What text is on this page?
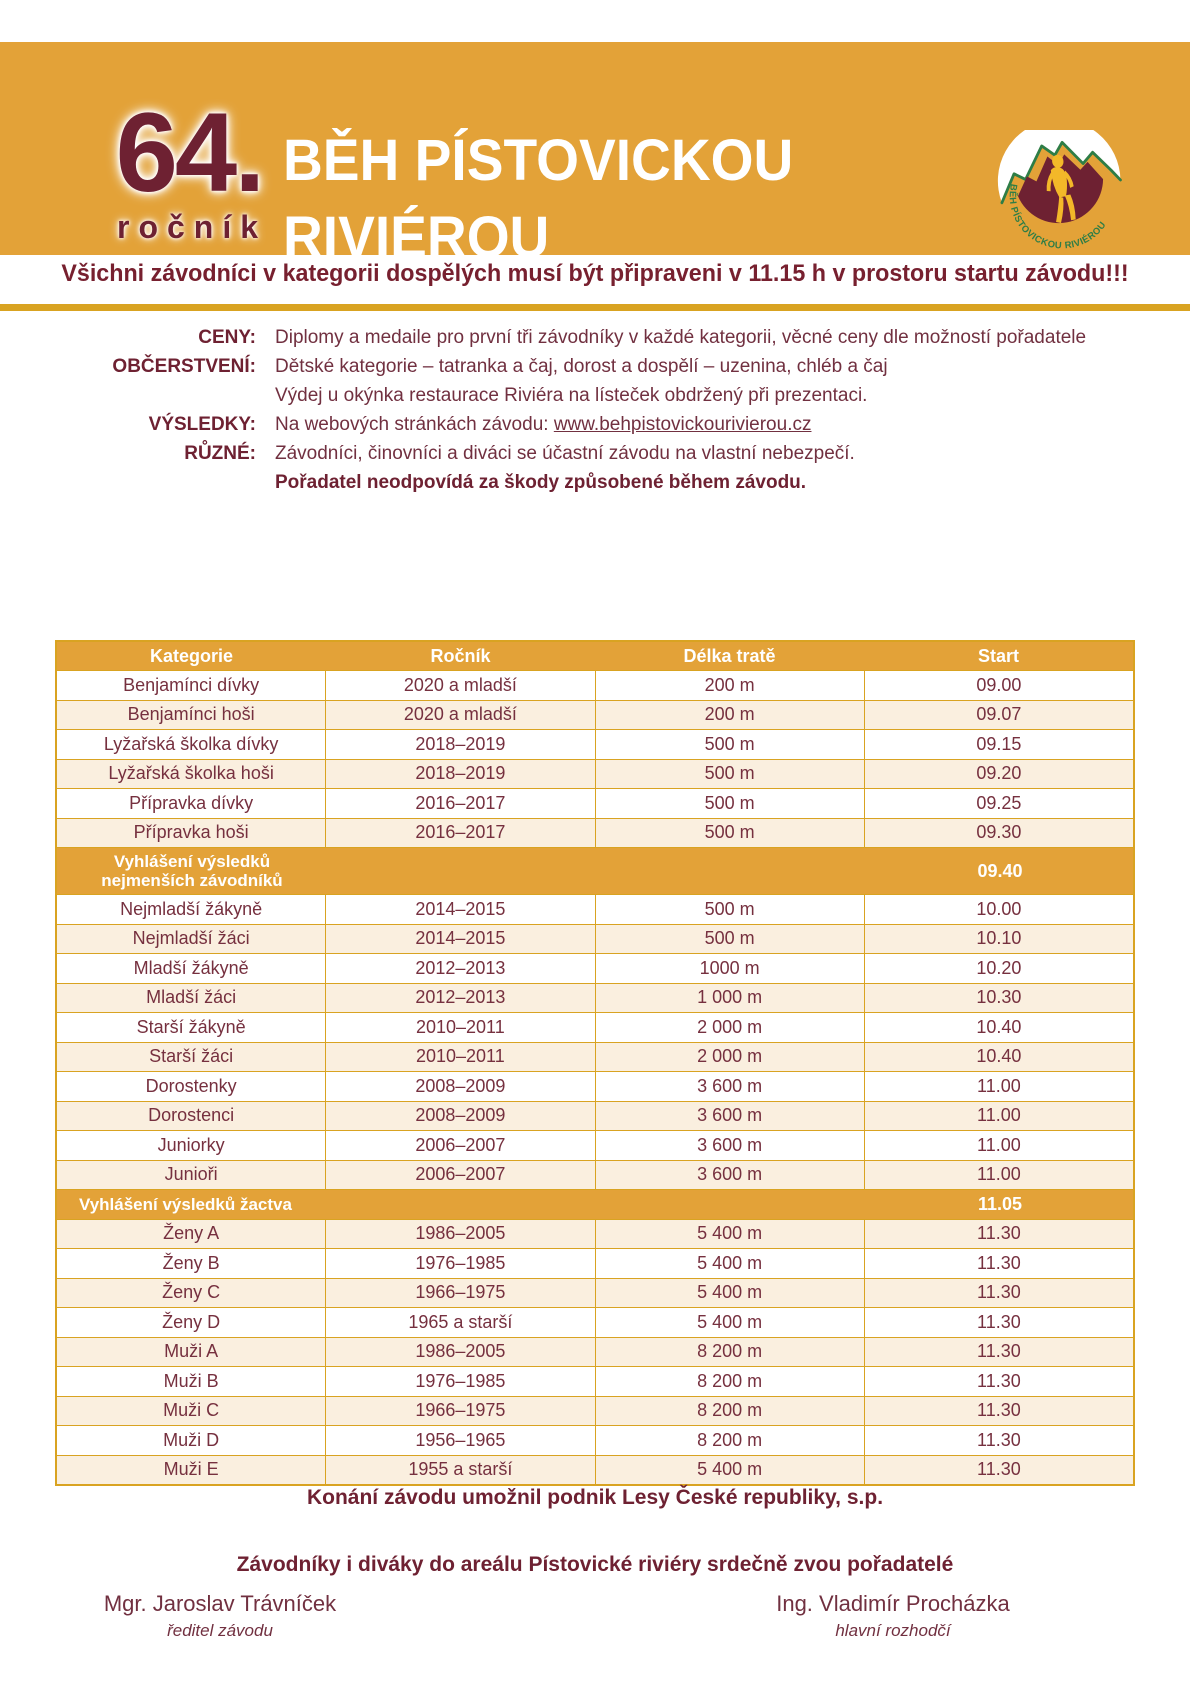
64.
ročník
BĚH PÍSTOVICKOU
RIVIÉROU
BĚH PÍSTOVICKOU RIVIÉROU
Všichni závodníci v kategorii dospělých musí být připraveni v 11.15 h v prostoru startu závodu!!!
CENY: Diplomy a medaile pro první tři závodníky v každé kategorii, věcné ceny dle možností pořadatele
OBČERSTVENÍ: Dětské kategorie – tatranka a čaj, dorost a dospělí – uzenina, chléb a čaj
Výdej u okýnka restaurace Riviéra na lísteček obdržený při prezentaci.
VÝSLEDKY: Na webových stránkách závodu: www.behpistovickourivierou.cz
RŮZNÉ: Závodníci, činovníci a diváci se účastní závodu na vlastní nebezpečí.
Pořadatel neodpovídá za škody způsobené během závodu.
Kategorie	Ročník	Délka tratě	Start
Benjamínci dívky	2020 a mladší	200 m	09.00
Benjamínci hoši	2020 a mladší	200 m	09.07
Lyžařská školka dívky	2018–2019	500 m	09.15
Lyžařská školka hoši	2018–2019	500 m	09.20
Přípravka dívky	2016–2017	500 m	09.25
Přípravka hoši	2016–2017	500 m	09.30
Vyhlášení výsledků
nejmenších závodníků	09.40
Nejmladší žákyně	2014–2015	500 m	10.00
Nejmladší žáci	2014–2015	500 m	10.10
Mladší žákyně	2012–2013	1000 m	10.20
Mladší žáci	2012–2013	1 000 m	10.30
Starší žákyně	2010–2011	2 000 m	10.40
Starší žáci	2010–2011	2 000 m	10.40
Dorostenky	2008–2009	3 600 m	11.00
Dorostenci	2008–2009	3 600 m	11.00
Juniorky	2006–2007	3 600 m	11.00
Junioři	2006–2007	3 600 m	11.00
Vyhlášení výsledků žactva	11.05
Ženy A	1986–2005	5 400 m	11.30
Ženy B	1976–1985	5 400 m	11.30
Ženy C	1966–1975	5 400 m	11.30
Ženy D	1965 a starší	5 400 m	11.30
Muži A	1986–2005	8 200 m	11.30
Muži B	1976–1985	8 200 m	11.30
Muži C	1966–1975	8 200 m	11.30
Muži D	1956–1965	8 200 m	11.30
Muži E	1955 a starší	5 400 m	11.30
Konání závodu umožnil podnik Lesy České republiky, s.p.
Závodníky i diváky do areálu Pístovické riviéry srdečně zvou pořadatelé
Mgr. Jaroslav Trávníček
ředitel závodu
Ing. Vladimír Procházka
hlavní rozhodčí
